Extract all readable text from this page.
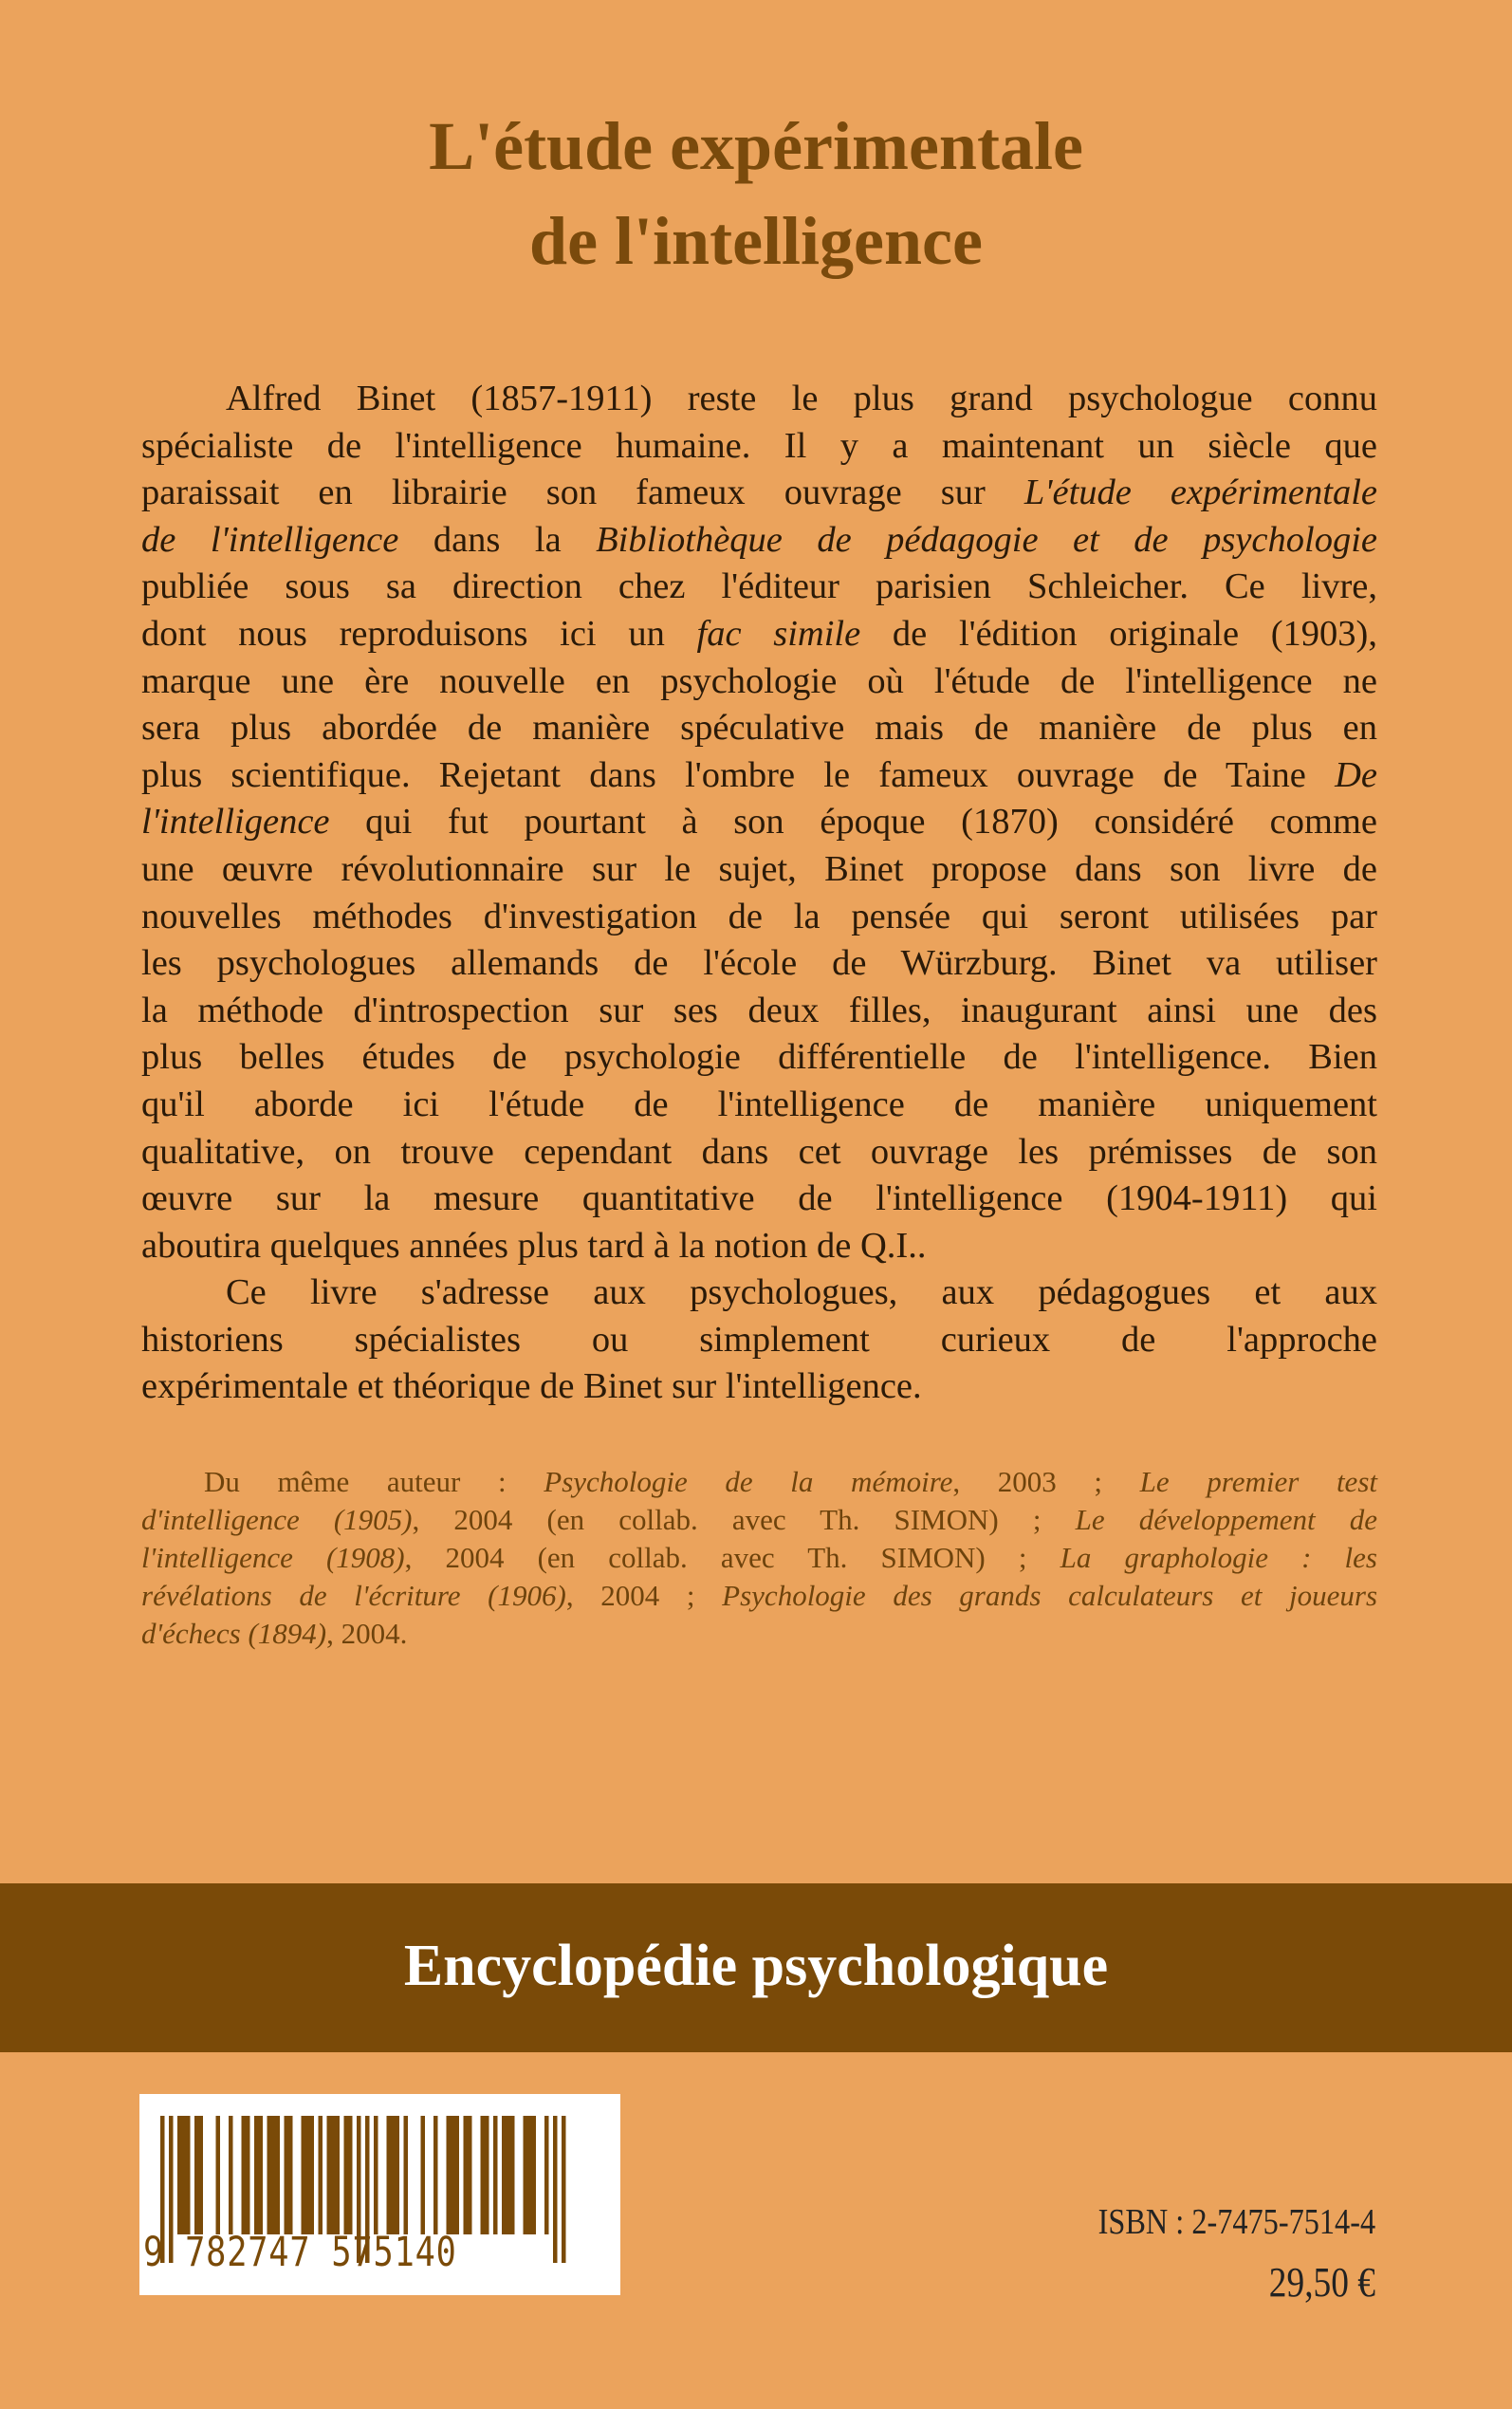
L'étude expérimentale
de l'intelligence
Alfred Binet (1857-1911) reste le plus grand psychologue connu
spécialiste de l'intelligence humaine. Il y a maintenant un siècle que
paraissait en librairie son fameux ouvrage sur L'étude expérimentale
de l'intelligence dans la Bibliothèque de pédagogie et de psychologie
publiée sous sa direction chez l'éditeur parisien Schleicher. Ce livre,
dont nous reproduisons ici un fac simile de l'édition originale (1903),
marque une ère nouvelle en psychologie où l'étude de l'intelligence ne
sera plus abordée de manière spéculative mais de manière de plus en
plus scientifique. Rejetant dans l'ombre le fameux ouvrage de Taine De
l'intelligence qui fut pourtant à son époque (1870) considéré comme
une œuvre révolutionnaire sur le sujet, Binet propose dans son livre de
nouvelles méthodes d'investigation de la pensée qui seront utilisées par
les psychologues allemands de l'école de Würzburg. Binet va utiliser
la méthode d'introspection sur ses deux filles, inaugurant ainsi une des
plus belles études de psychologie différentielle de l'intelligence. Bien
qu'il aborde ici l'étude de l'intelligence de manière uniquement
qualitative, on trouve cependant dans cet ouvrage les prémisses de son
œuvre sur la mesure quantitative de l'intelligence (1904-1911) qui
aboutira quelques années plus tard à la notion de Q.I..
Ce livre s'adresse aux psychologues, aux pédagogues et aux
historiens spécialistes ou simplement curieux de l'approche
expérimentale et théorique de Binet sur l'intelligence.
Du même auteur : Psychologie de la mémoire, 2003 ; Le premier test
d'intelligence (1905), 2004 (en collab. avec Th. SIMON) ; Le développement de
l'intelligence (1908), 2004 (en collab. avec Th. SIMON) ; La graphologie : les
révélations de l'écriture (1906), 2004 ; Psychologie des grands calculateurs et joueurs
d'échecs (1894), 2004.
Encyclopédie psychologique
9 782747 575140
ISBN : 2-7475-7514-4
29,50 €
